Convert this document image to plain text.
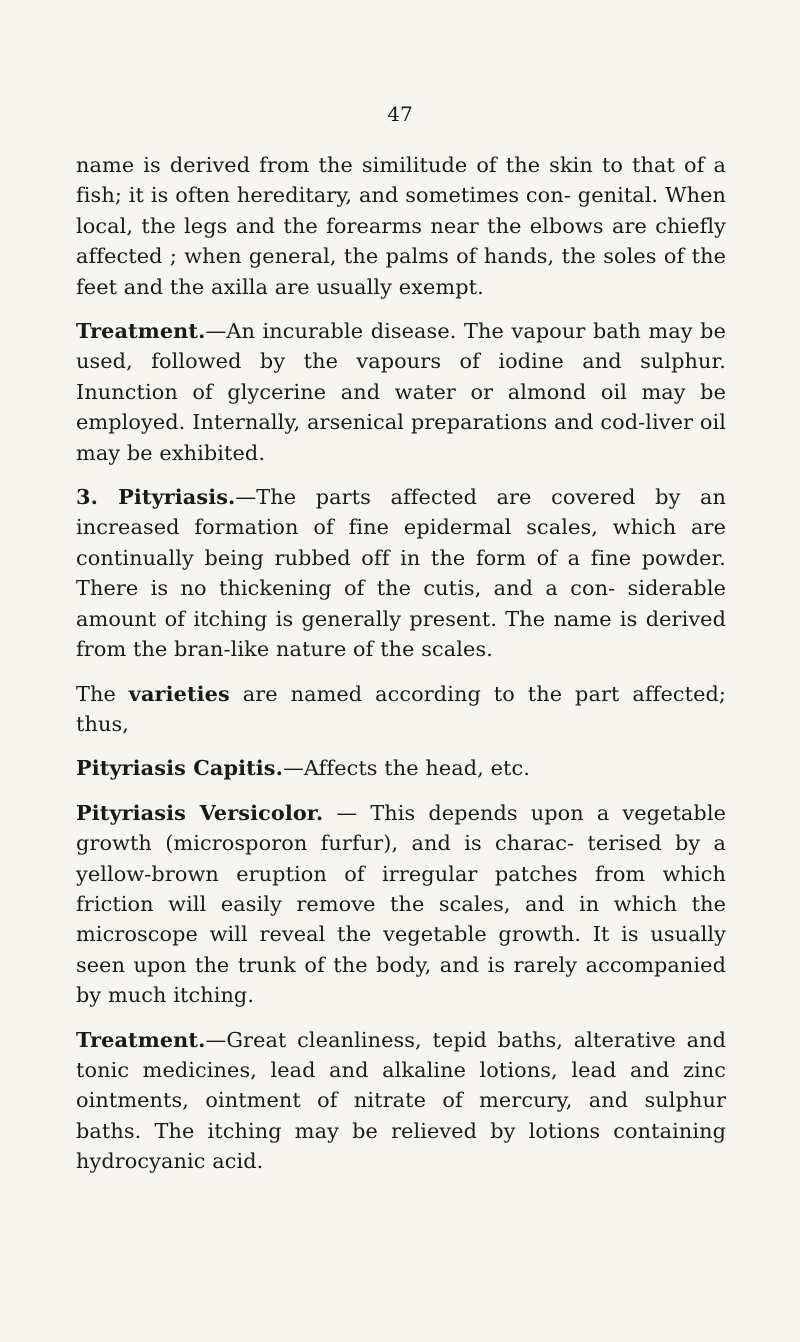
47

name is derived from the similitude of the skin to that of a fish; it is often hereditary, and sometimes con- genital. When local, the legs and the forearms near the elbows are chiefly affected ; when general, the palms of hands, the soles of the feet and the axilla are usually exempt.

Treatment.—An incurable disease. The vapour bath may be used, followed by the vapours of iodine and sulphur. Inunction of glycerine and water or almond oil may be employed. Internally, arsenical preparations and cod-liver oil may be exhibited.

3. Pityriasis.—The parts affected are covered by an increased formation of fine epidermal scales, which are continually being rubbed off in the form of a fine powder. There is no thickening of the cutis, and a con- siderable amount of itching is generally present. The name is derived from the bran-like nature of the scales.

The varieties are named according to the part affected; thus,

Pityriasis Capitis.—Affects the head, etc.

Pityriasis Versicolor. — This depends upon a vegetable growth (microsporon furfur), and is charac- terised by a yellow-brown eruption of irregular patches from which friction will easily remove the scales, and in which the microscope will reveal the vegetable growth. It is usually seen upon the trunk of the body, and is rarely accompanied by much itching.

Treatment.—Great cleanliness, tepid baths, alterative and tonic medicines, lead and alkaline lotions, lead and zinc ointments, ointment of nitrate of mercury, and sulphur baths. The itching may be relieved by lotions containing hydrocyanic acid.
